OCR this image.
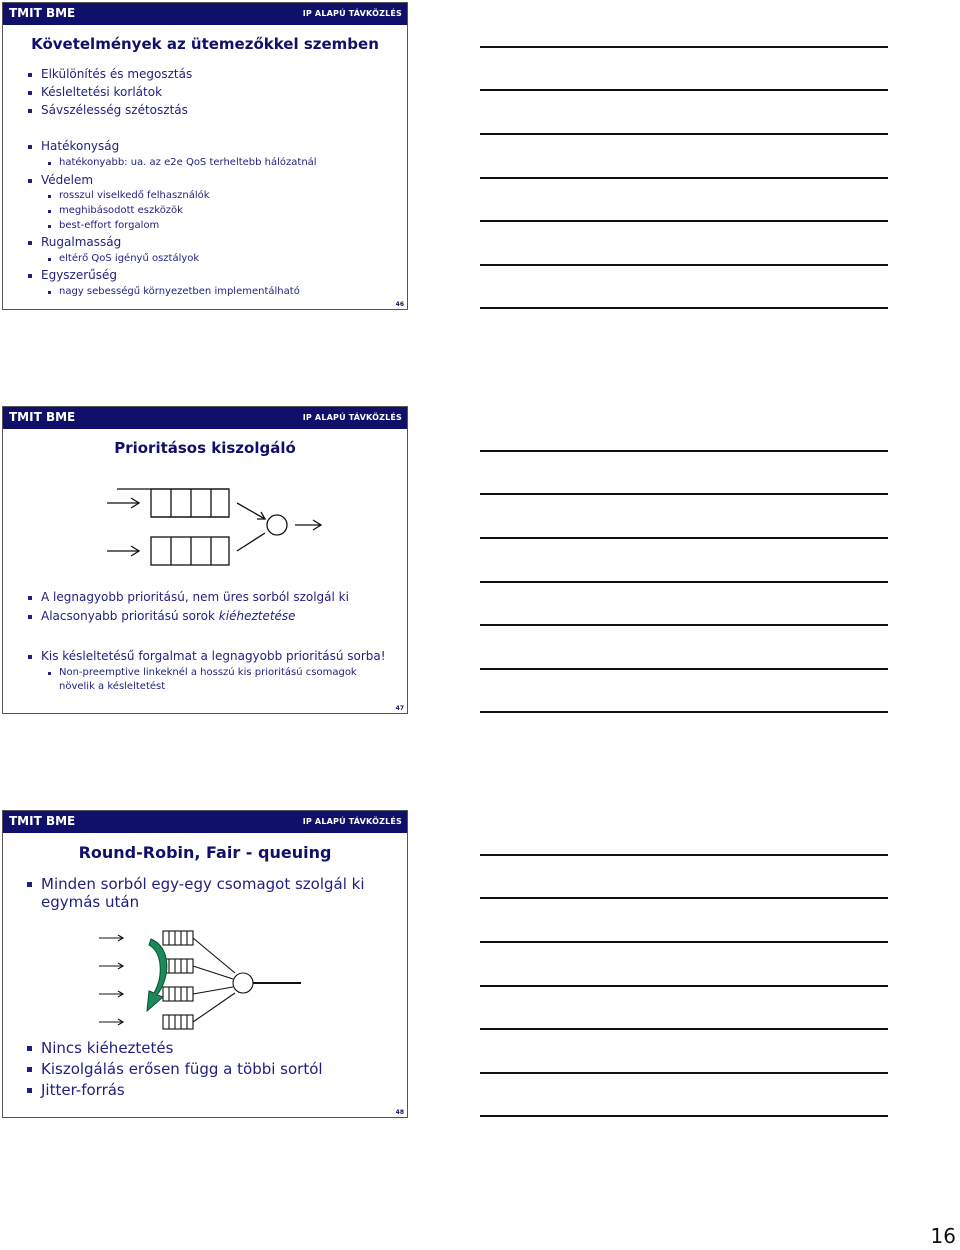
TMIT BME	IP ALAPÚ TÁVKÖZLÉS
Követelmények az ütemezőkkel szemben
Elkülönítés és megosztás
Késleltetési korlátok
Sávszélesség szétosztás
Hatékonyság
hatékonyabb: ua. az e2e QoS terheltebb hálózatnál
Védelem
rosszul viselkedő felhasználók
meghibásodott eszközök
best-effort forgalom
Rugalmasság
eltérő QoS igényű osztályok
Egyszerűség
nagy sebességű környezetben implementálható
46
TMIT BME	IP ALAPÚ TÁVKÖZLÉS
Prioritásos kiszolgáló
A legnagyobb prioritású, nem üres sorból szolgál ki
Alacsonyabb prioritású sorok kiéheztetése
Kis késleltetésű forgalmat a legnagyobb prioritású sorba!
Non-preemptive linkeknél a hosszú kis prioritású csomagok
növelik a késleltetést
47
TMIT BME	IP ALAPÚ TÁVKÖZLÉS
Round-Robin, Fair - queuing
Minden sorból egy-egy csomagot szolgál ki
egymás után
Nincs kiéheztetés
Kiszolgálás erősen függ a többi sortól
Jitter-forrás
48
16
